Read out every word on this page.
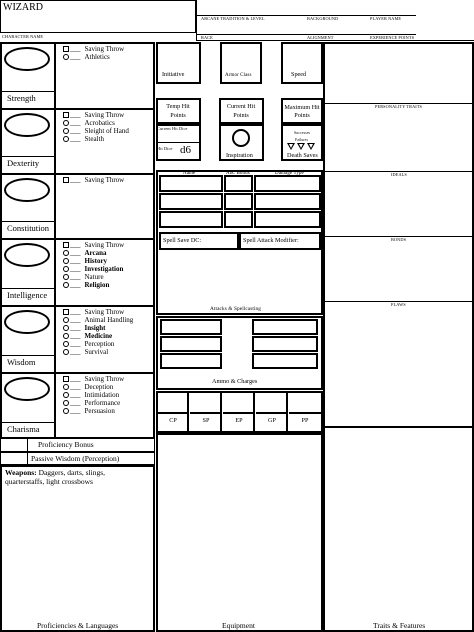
WIZARD
CHARACTER NAME
ARCANE TRADITION & LEVEL	BACKGROUND	PLAYER NAME
RACE	ALIGNMENT	EXPERIENCE POINTS
Strength
___ Saving Throw
___ Athletics
Dexterity
___ Saving Throw
___ Acrobatics
___ Sleight of Hand
___ Stealth
Constitution
___ Saving Throw
Intelligence
___ Saving Throw
___ Arcana
___ History
___ Investigation
___ Nature
___ Religion
Wisdom
___ Saving Throw
___ Animal Handling
___ Insight
___ Medicine
___ Perception
___ Survival
Charisma
___ Saving Throw
___ Deception
___ Intimidation
___ Performance
___ Persuasion
Proficiency Bonus
Passive Wisdom (Perception)
Weapons: Daggers, darts, slings, quarterstaffs, light crossbows
Proficiencies & Languages
Initiative	Armor Class	Speed
Temp Hit Points
Current Hit Points
Maximum Hit Points
Current Hit Dice
Hit Dice d6	Inspiration
Successes
Failures
Death Saves
Name	Atk. Bonus	Damage Type
Spell Save DC:	Spell Attack Modifier:
Attacks & Spellcasting
Ammo & Charges
CP	SP	EP	GP	PP
Equipment
PERSONALITY TRAITS
IDEALS
BONDS
FLAWS
Traits & Features
